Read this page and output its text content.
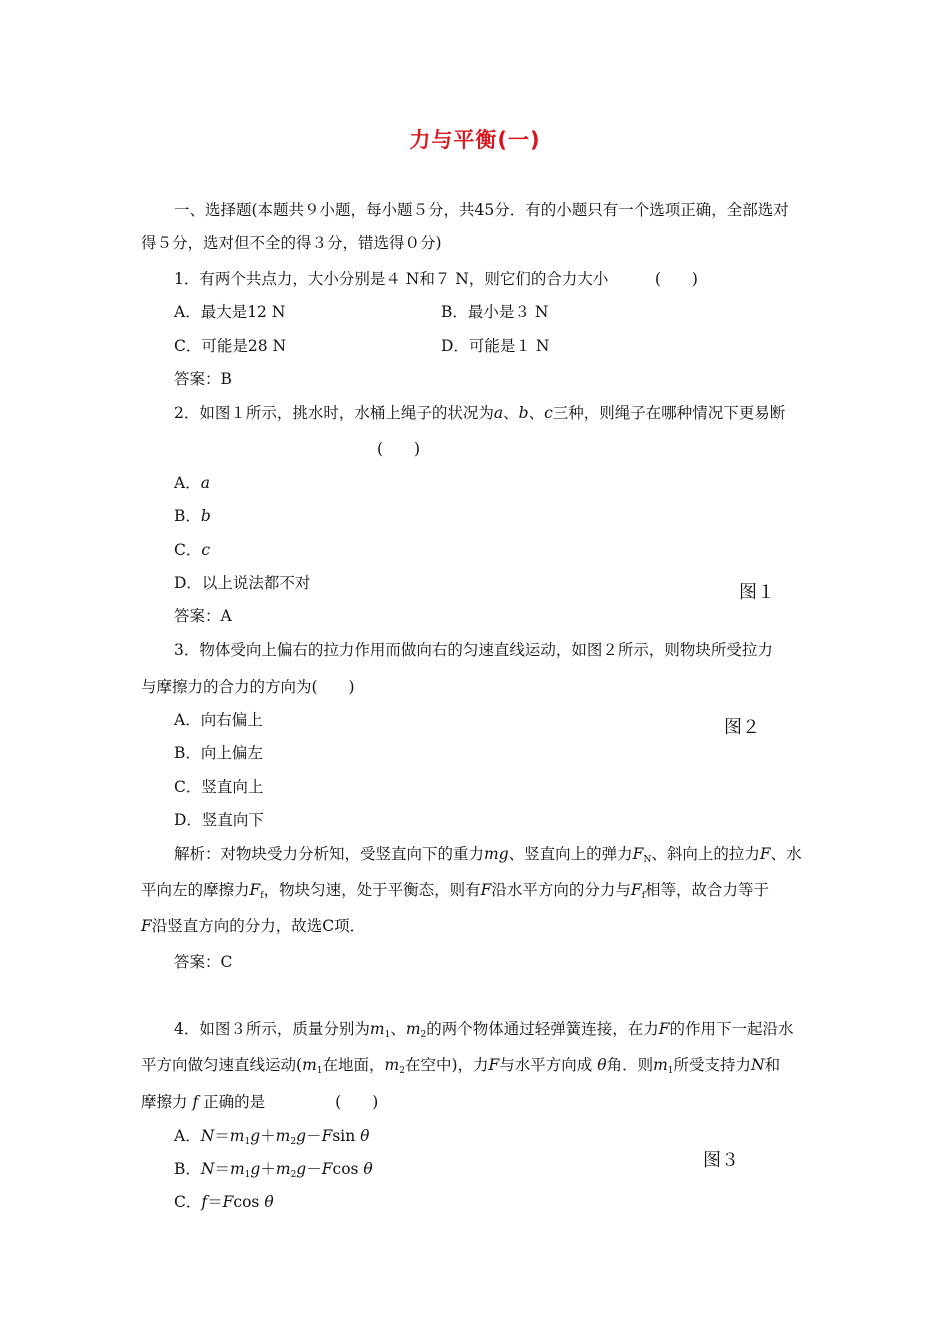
力与平衡(一)
一、选择题(本题共９小题，每小题５分，共45分．有的小题只有一个选项正确，全部选对
得５分，选对但不全的得３分，错选得０分)
1．有两个共点力，大小分别是４ N和７ N，则它们的合力大小　　　(　　)
A．最大是12 N	B．最小是３ N
C．可能是28 N	D．可能是１ N
答案：B
2．如图１所示，挑水时，水桶上绳子的状况为a、b、c三种，则绳子在哪种情况下更易断
(　　)
A．a
B．b
C．c
D．以上说法都不对	图１
答案：A
3．物体受向上偏右的拉力作用而做向右的匀速直线运动，如图２所示，则物块所受拉力
与摩擦力的合力的方向为(　　)
A．向右偏上	图２
B．向上偏左
C．竖直向上
D．竖直向下
解析：对物块受力分析知，受竖直向下的重力mg、竖直向上的弹力$F_N$、斜向上的拉力F、水
平向左的摩擦力$F_f$，物块匀速，处于平衡态，则有F沿水平方向的分力与$F_f$相等，故合力等于
F沿竖直方向的分力，故选C项．
答案：C
4．如图３所示，质量分别为$m_1$、$m_2$的两个物体通过轻弹簧连接，在力F的作用下一起沿水
平方向做匀速直线运动($m_1$在地面，$m_2$在空中)，力F与水平方向成 θ角．则$m_1$所受支持力N和
摩擦力 f 正确的是	(　　)
A．$N=m_1g+m_2g-Fsin$ θ
图３
B．$N=m_1g+m_2g-Fcos$ θ
C．f＝Fcos θ
